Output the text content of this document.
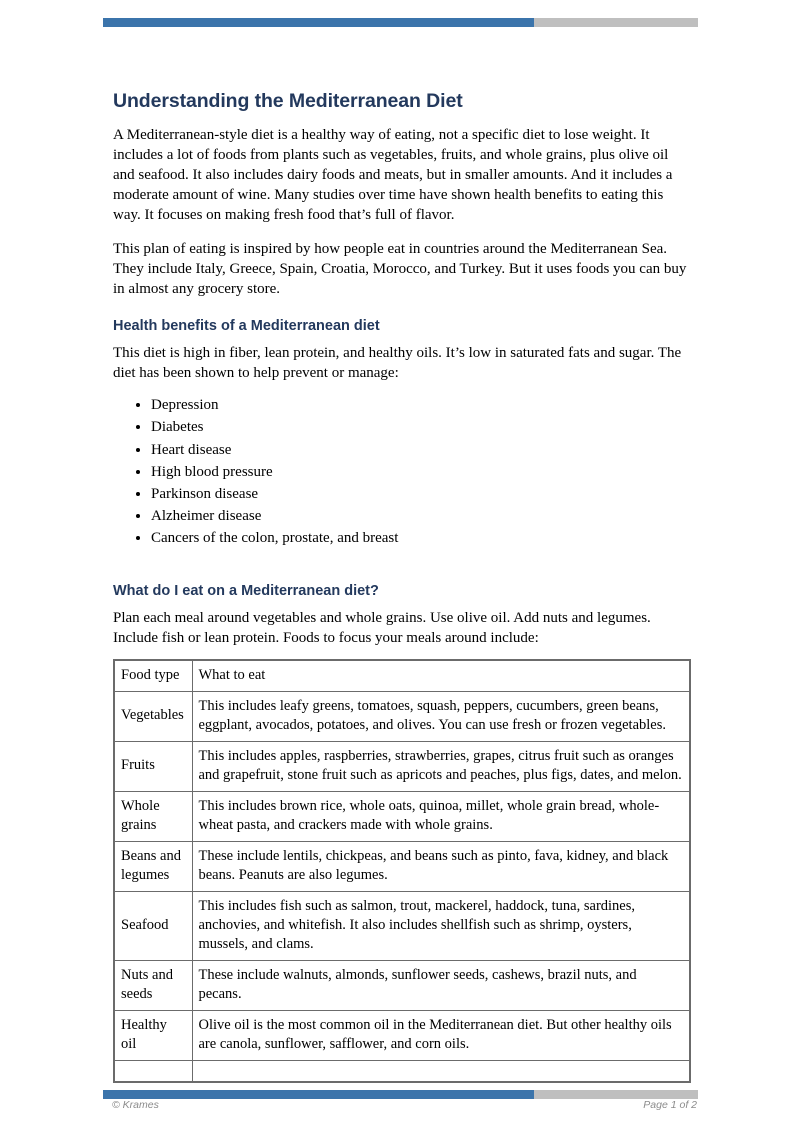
Understanding the Mediterranean Diet

A Mediterranean-style diet is a healthy way of eating, not a specific diet to lose weight. It includes a lot of foods from plants such as vegetables, fruits, and whole grains, plus olive oil and seafood. It also includes dairy foods and meats, but in smaller amounts. And it includes a moderate amount of wine. Many studies over time have shown health benefits to eating this way. It focuses on making fresh food that’s full of flavor.

This plan of eating is inspired by how people eat in countries around the Mediterranean Sea. They include Italy, Greece, Spain, Croatia, Morocco, and Turkey. But it uses foods you can buy in almost any grocery store.

Health benefits of a Mediterranean diet

This diet is high in fiber, lean protein, and healthy oils. It’s low in saturated fats and sugar. The diet has been shown to help prevent or manage:

• Depression
• Diabetes
• Heart disease
• High blood pressure
• Parkinson disease
• Alzheimer disease
• Cancers of the colon, prostate, and breast
What do I eat on a Mediterranean diet?

Plan each meal around vegetables and whole grains. Use olive oil. Add nuts and legumes. Include fish or lean protein. Foods to focus your meals around include:

Food type	What to eat
Vegetables	This includes leafy greens, tomatoes, squash, peppers, cucumbers, green beans, eggplant, avocados, potatoes, and olives. You can use fresh or frozen vegetables.
Fruits	This includes apples, raspberries, strawberries, grapes, citrus fruit such as oranges and grapefruit, stone fruit such as apricots and peaches, plus figs, dates, and melon.
Whole grains	This includes brown rice, whole oats, quinoa, millet, whole grain bread, whole-wheat pasta, and crackers made with whole grains.
Beans and legumes	These include lentils, chickpeas, and beans such as pinto, fava, kidney, and black beans. Peanuts are also legumes.
Seafood	This includes fish such as salmon, trout, mackerel, haddock, tuna, sardines, anchovies, and whitefish. It also includes shellfish such as shrimp, oysters, mussels, and clams.
Nuts and seeds	These include walnuts, almonds, sunflower seeds, cashews, brazil nuts, and pecans.
Healthy oil	Olive oil is the most common oil in the Mediterranean diet. But other healthy oils are canola, sunflower, safflower, and corn oils.

© Krames	Page 1 of 2
